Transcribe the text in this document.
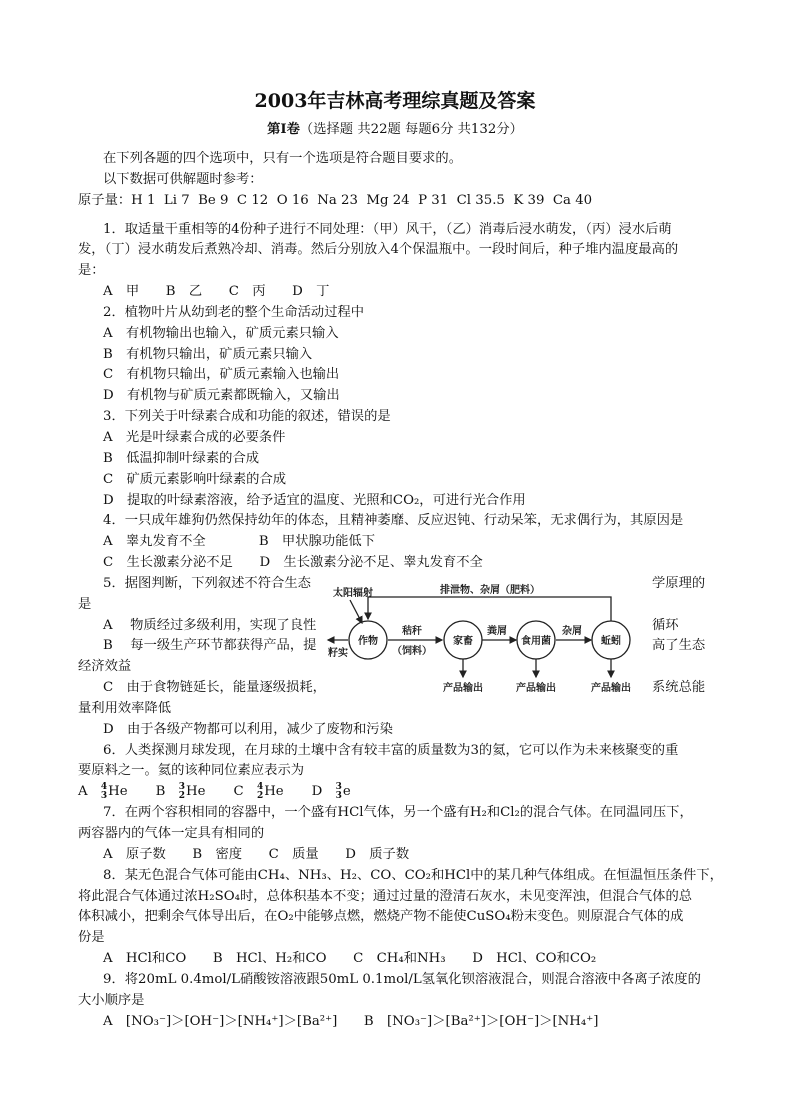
2003年吉林高考理综真题及答案
第Ⅰ卷（选择题 共22题 每题6分 共132分）
在下列各题的四个选项中，只有一个选项是符合题目要求的。
以下数据可供解题时参考：
原子量：H 1  Li 7  Be 9  C 12  O 16  Na 23  Mg 24  P 31  Cl 35.5  K 39  Ca 40
1．取适量干重相等的4份种子进行不同处理：（甲）风干，（乙）消毒后浸水萌发，（丙）浸水后萌
发，（丁）浸水萌发后煮熟冷却、消毒。然后分别放入4个保温瓶中。一段时间后，种子堆内温度最高的
是：
A　甲　　B　乙　　C　丙　　D　丁
2．植物叶片从幼到老的整个生命活动过程中
A　有机物输出也输入，矿质元素只输入
B　有机物只输出，矿质元素只输入
C　有机物只输出，矿质元素输入也输出
D　有机物与矿质元素都既输入，又输出
3．下列关于叶绿素合成和功能的叙述，错误的是
A　光是叶绿素合成的必要条件
B　低温抑制叶绿素的合成
C　矿质元素影响叶绿素的合成
D　提取的叶绿素溶液，给予适宜的温度、光照和CO₂，可进行光合作用
4．一只成年雄狗仍然保持幼年的体态，且精神萎靡、反应迟钝、行动呆笨，无求偶行为，其原因是
A　睾丸发育不全　　　　B　甲状腺功能低下
C　生长激素分泌不足　　D　生长激素分泌不足、睾丸发育不全
5．据图判断，下列叙述不符合生态	学原理的
是
A　 物质经过多级利用，实现了良性	循环
B　 每一级生产环节都获得产品，提	高了生态
经济效益
C　由于食物链延长，能量逐级损耗，	系统总能
量利用效率降低
D　由于各级产物都可以利用，减少了废物和污染
6．人类探测月球发现，在月球的土壤中含有较丰富的质量数为3的氦，它可以作为未来核聚变的重
要原料之一。氦的该种同位素应表示为
A　 4
3 He B　 3
2 He C　 4
2 He D　 3
3 e
7．在两个容积相同的容器中，一个盛有HCl气体，另一个盛有H₂和Cl₂的混合气体。在同温同压下，
两容器内的气体一定具有相同的
A　原子数　　B　密度　　C　质量　　D　质子数
8．某无色混合气体可能由CH₄、NH₃、H₂、CO、CO₂和HCl中的某几种气体组成。在恒温恒压条件下，
将此混合气体通过浓H₂SO₄时，总体积基本不变；通过过量的澄清石灰水，未见变浑浊，但混合气体的总
体积减小，把剩余气体导出后，在O₂中能够点燃，燃烧产物不能使CuSO₄粉末变色。则原混合气体的成
份是
A　HCl和CO　　B　HCl、H₂和CO　　C　CH₄和NH₃　　D　HCl、CO和CO₂
9．将20mL 0.4mol/L硝酸铵溶液跟50mL 0.1mol/L氢氧化钡溶液混合，则混合溶液中各离子浓度的
大小顺序是
A　[NO₃⁻]＞[OH⁻]＞[NH₄⁺]＞[Ba²⁺]　　B　[NO₃⁻]＞[Ba²⁺]＞[OH⁻]＞[NH₄⁺]
太阳辐射	排泄物、杂屑（肥料）
作物
籽实
秸秆
（饲料）
家畜
粪屑
食用菌
杂屑
蚯蚓
产品输出	产品输出	产品输出
